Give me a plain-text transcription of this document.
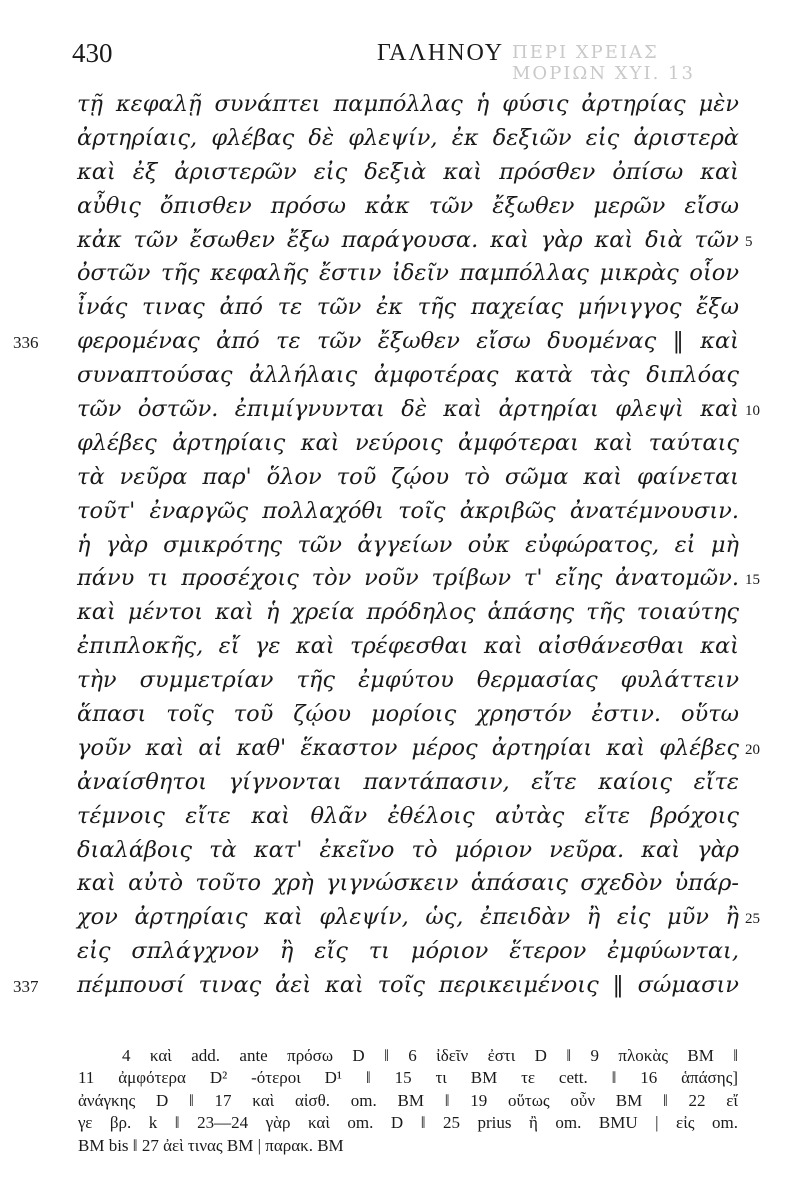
430	ΓΑΛΗΝΟΥ ΠΕΡΙ ΧΡΕΙΑΣ ΜΟΡΙΩΝ ΧΥΙ. 13
τῇ κεφαλῇ συνάπτει παμπόλλας ἡ φύσις ἀρτηρίας μὲν
ἀρτηρίαις, φλέβας δὲ φλεψίν, ἐκ δεξιῶν εἰς ἀριστερὰ
καὶ ἐξ ἀριστερῶν εἰς δεξιὰ καὶ πρόσθεν ὀπίσω καὶ
αὖθις ὄπισθεν πρόσω κἀκ τῶν ἔξωθεν μερῶν εἴσω
κἀκ τῶν ἔσωθεν ἔξω παράγουσα. καὶ γὰρ καὶ διὰ τῶν 5
ὀστῶν τῆς κεφαλῆς ἔστιν ἰδεῖν παμπόλλας μικρὰς οἷον
ἶνάς τινας ἀπό τε τῶν ἐκ τῆς παχείας μήνιγγος ἔξω
φερομένας ἀπό τε τῶν ἔξωθεν εἴσω δυομένας ‖ καὶ
336
συναπτούσας ἀλλήλαις ἀμφοτέρας κατὰ τὰς διπλόας
τῶν ὀστῶν. ἐπιμίγνυνται δὲ καὶ ἀρτηρίαι φλεψὶ καὶ 10
φλέβες ἀρτηρίαις καὶ νεύροις ἀμφότεραι καὶ ταύταις
τὰ νεῦρα παρ' ὅλον τοῦ ζῴου τὸ σῶμα καὶ φαίνεται
τοῦτ' ἐναργῶς πολλαχόθι τοῖς ἀκριβῶς ἀνατέμνουσιν.
ἡ γὰρ σμικρότης τῶν ἀγγείων οὐκ εὐφώρατος, εἰ μὴ
πάνυ τι προσέχοις τὸν νοῦν τρίβων τ' εἴης ἀνατομῶν. 15
καὶ μέντοι καὶ ἡ χρεία πρόδηλος ἁπάσης τῆς τοιαύτης
ἐπιπλοκῆς, εἴ γε καὶ τρέφεσθαι καὶ αἰσθάνεσθαι καὶ
τὴν συμμετρίαν τῆς ἐμφύτου θερμασίας φυλάττειν
ἅπασι τοῖς τοῦ ζῴου μορίοις χρηστόν ἐστιν. οὕτω
γοῦν καὶ αἱ καθ' ἕκαστον μέρος ἀρτηρίαι καὶ φλέβες 20
ἀναίσθητοι γίγνονται παντάπασιν, εἴτε καίοις εἴτε
τέμνοις εἴτε καὶ θλᾶν ἐθέλοις αὐτὰς εἴτε βρόχοις
διαλάβοις τὰ κατ' ἐκεῖνο τὸ μόριον νεῦρα. καὶ γὰρ
καὶ αὐτὸ τοῦτο χρὴ γιγνώσκειν ἁπάσαις σχεδὸν ὑπάρ-
χον ἀρτηρίαις καὶ φλεψίν, ὡς, ἐπειδὰν ἢ εἰς μῦν ἢ 25
εἰς σπλάγχνον ἢ εἴς τι μόριον ἕτερον ἐμφύωνται,
πέμπουσί τινας ἀεὶ καὶ τοῖς περικειμένοις ‖ σώμασιν
337
4 καὶ add. ante πρόσω D ‖ 6 ἰδεῖν ἐστι D ‖ 9 πλοκὰς BM ‖
11 ἀμφότερα D² -ότεροι D¹ ‖ 15 τι BM τε cett. ‖ 16 ἁπάσης]
ἀνάγκης D ‖ 17 καὶ αἰσθ. om. BM ‖ 19 οὕτως οὖν BM ‖ 22 εἴ
γε βρ. k ‖ 23—24 γὰρ καὶ om. D ‖ 25 prius ἢ om. BMU | εἰς om.
BM bis ‖ 27 ἀεὶ τινας BM | παρακ. BM
